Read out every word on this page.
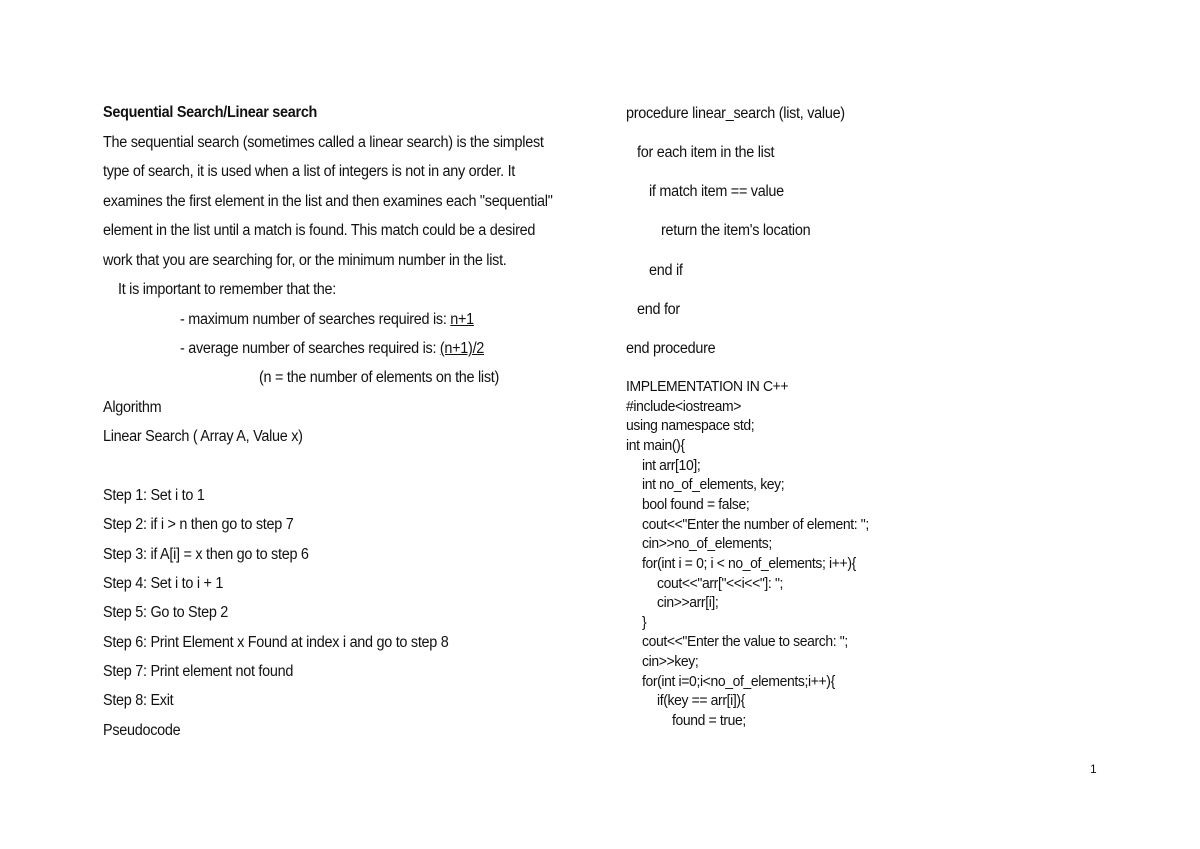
Sequential Search/Linear search
The sequential search (sometimes called a linear search) is the simplest
type of search, it is used when a list of integers is not in any order. It
examines the first element in the list and then examines each "sequential"
element in the list until a match is found. This match could be a desired
work that you are searching for, or the minimum number in the list.
It is important to remember that the:
- maximum number of searches required is: n+1
- average number of searches required is: (n+1)/2
(n = the number of elements on the list)
Algorithm
Linear Search ( Array A, Value x)
Step 1: Set i to 1
Step 2: if i > n then go to step 7
Step 3: if A[i] = x then go to step 6
Step 4: Set i to i + 1
Step 5: Go to Step 2
Step 6: Print Element x Found at index i and go to step 8
Step 7: Print element not found
Step 8: Exit
Pseudocode
procedure linear_search (list, value)
for each item in the list
if match item == value
return the item's location
end if
end for
end procedure
IMPLEMENTATION IN C++
#include<iostream>
using namespace std;
int main(){
int arr[10];
int no_of_elements, key;
bool found = false;
cout<<"Enter the number of element: ";
cin>>no_of_elements;
for(int i = 0; i < no_of_elements; i++){
cout<<"arr["<<i<<"]: ";
cin>>arr[i];
}
cout<<"Enter the value to search: ";
cin>>key;
for(int i=0;i<no_of_elements;i++){
if(key == arr[i]){
found = true;
1
